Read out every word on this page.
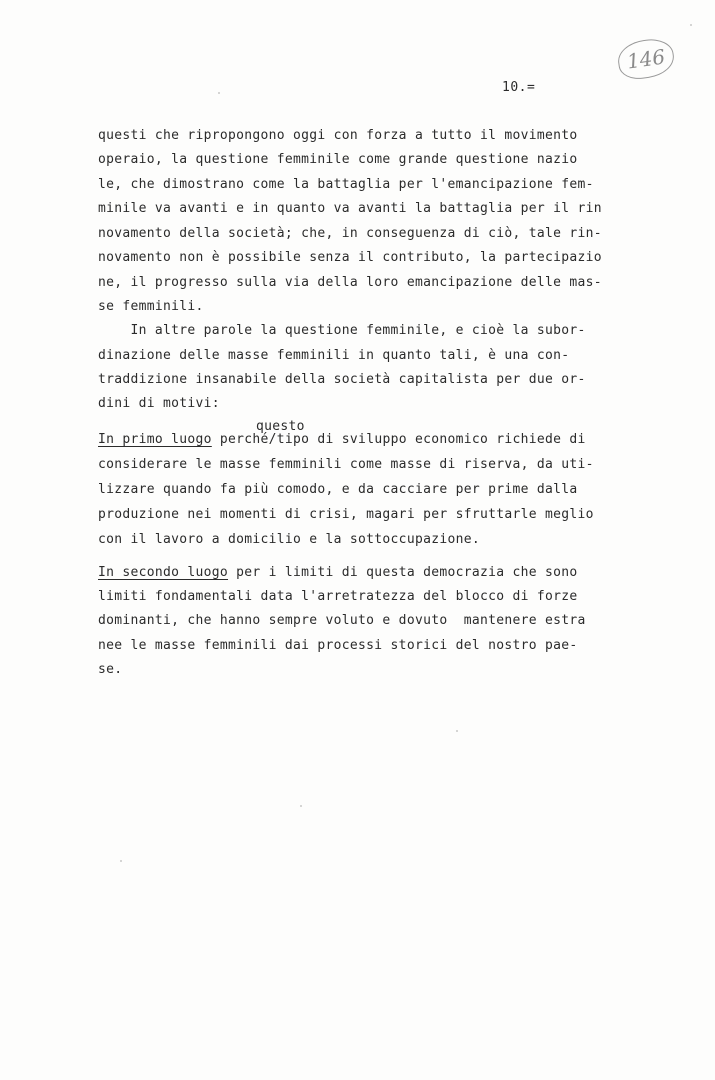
146
10.=
questi che ripropongono oggi con forza a tutto il movimento
operaio, la questione femminile come grande questione nazio
le, che dimostrano come la battaglia per l'emancipazione fem-
minile va avanti e in quanto va avanti la battaglia per il rin
novamento della società; che, in conseguenza di ciò, tale rin-
novamento non è possibile senza il contributo, la partecipazio
ne, il progresso sulla via della loro emancipazione delle mas-
se femminili.
In altre parole la questione femminile, e cioè la subor-
dinazione delle masse femminili in quanto tali, è una con-
traddizione insanabile della società capitalista per due or-
dini di motivi:
questo
In primo luogo perché/tipo di sviluppo economico richiede di
considerare le masse femminili come masse di riserva, da uti-
lizzare quando fa più comodo, e da cacciare per prime dalla
produzione nei momenti di crisi, magari per sfruttarle meglio
con il lavoro a domicilio e la sottoccupazione.
In secondo luogo per i limiti di questa democrazia che sono
limiti fondamentali data l'arretratezza del blocco di forze
dominanti, che hanno sempre voluto e dovuto  mantenere estra
nee le masse femminili dai processi storici del nostro pae-
se.
